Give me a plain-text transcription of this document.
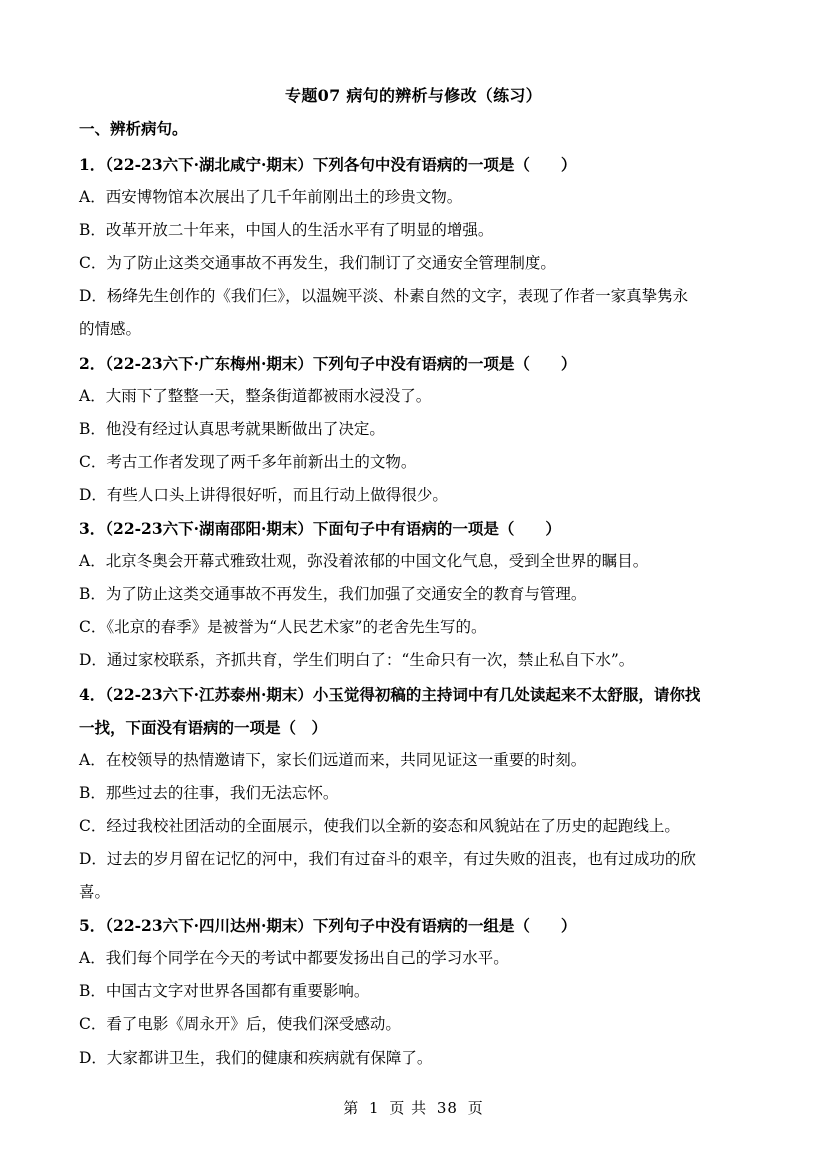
专题07 病句的辨析与修改（练习）
一、辨析病句。
1．（22-23六下·湖北咸宁·期末）下列各句中没有语病的一项是（　　）
A．西安博物馆本次展出了几千年前刚出土的珍贵文物。
B．改革开放二十年来，中国人的生活水平有了明显的增强。
C．为了防止这类交通事故不再发生，我们制订了交通安全管理制度。
D．杨绛先生创作的《我们仨》，以温婉平淡、朴素自然的文字，表现了作者一家真挚隽永
的情感。
2．（22-23六下·广东梅州·期末）下列句子中没有语病的一项是（　　）
A．大雨下了整整一天，整条街道都被雨水浸没了。
B．他没有经过认真思考就果断做出了决定。
C．考古工作者发现了两千多年前新出土的文物。
D．有些人口头上讲得很好听，而且行动上做得很少。
3．（22-23六下·湖南邵阳·期末）下面句子中有语病的一项是（　　）
A．北京冬奥会开幕式雅致壮观，弥没着浓郁的中国文化气息，受到全世界的瞩目。
B．为了防止这类交通事故不再发生，我们加强了交通安全的教育与管理。
C．《北京的春季》是被誉为“人民艺术家”的老舍先生写的。
D．通过家校联系，齐抓共育，学生们明白了：“生命只有一次，禁止私自下水”。
4．（22-23六下·江苏泰州·期末）小玉觉得初稿的主持词中有几处读起来不太舒服，请你找
一找，下面没有语病的一项是（　）
A．在校领导的热情邀请下，家长们远道而来，共同见证这一重要的时刻。
B．那些过去的往事，我们无法忘怀。
C．经过我校社团活动的全面展示，使我们以全新的姿态和风貌站在了历史的起跑线上。
D．过去的岁月留在记忆的河中，我们有过奋斗的艰辛，有过失败的沮丧，也有过成功的欣
喜。
5．（22-23六下·四川达州·期末）下列句子中没有语病的一组是（　　）
A．我们每个同学在今天的考试中都要发扬出自己的学习水平。
B．中国古文字对世界各国都有重要影响。
C．看了电影《周永开》后，使我们深受感动。
D．大家都讲卫生，我们的健康和疾病就有保障了。
第 1 页 共 38 页
